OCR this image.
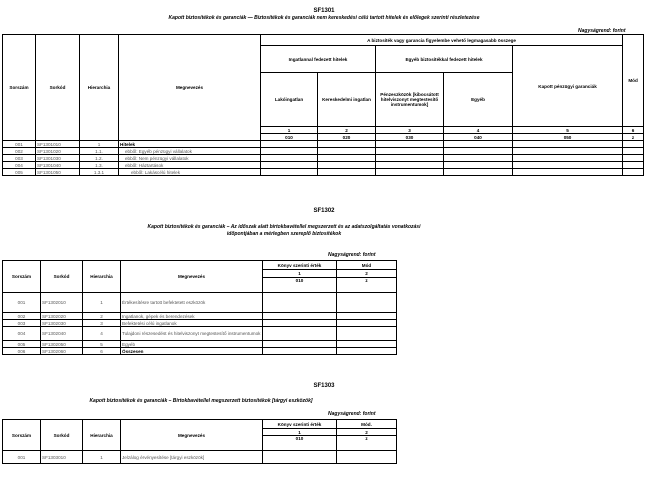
SF1301
Kapott biztosítékok és garanciák — Biztosítékok és garanciák nem kereskedési célú tartott hitelek és előlegek szerinti részletezése
Nagyságrend: forint
Sorszám	Sorkód	Hierarchia	Megnevezés	A biztosíték vagy garancia figyelembe vehető legmagasabb összege					Mód
				Ingatlannal fedezett hitelek		Egyéb biztosítékkal fedezett hitelek		Kapott pénzügyi garanciák	
				Lakóingatlan	Kereskedelmi ingatlan	Pénzeszközök [kibocsátott hitelviszonyt megtestesítő instrumentumok]	Egyéb		
				1	2	3	4	5	6
				010	020	030	040	050	z
001	SF1301010	1	Hitelek						
002	SF1301020	1.1.	ebből: Egyéb pénzügyi vállalatok						
003	SF1301030	1.2.	ebből: Nem pénzügyi vállalatok						
004	SF1301040	1.3.	ebből: Háztartások						
005	SF1301050	1.3.1	ebből: Lakáscélú hitelek						
SF1302
Kapott biztosítékok és garanciák – Az időszak alatt birtokbavétellel megszerzett és az adatszolgáltatás vonatkozási
időpontjában a mérlegben szereplő biztosítékok
Nagyságrend: forint
Sorszám	Sorkód	Hierarchia	Megnevezés	Könyv szerinti érték	Mód
				1	2
				010	z
001	SF1302010	1	Értékesítésre tartott befektetett eszközök		
002	SF1302020	2	Ingatlanok, gépek és berendezések		
003	SF1302030	3	Befektetési célú ingatlanok		
004	SF1302040	4	Tulajdoni részesedést és hitelviszonyt megtestesítő instrumentumok		
005	SF1302050	5	Egyéb		
006	SF1302060	6	Összesen		
SF1303
Kapott biztosítékok és garanciák – Birtokbavétellel megszerzett biztosítékok [tárgyi eszközök]
Nagyságrend: forint
Sorszám	Sorkód	Hierarchia	Megnevezés	Könyv szerinti érték	Mód.
				1	2
				010	z
001	SF1303010	1	Jelzálog érvényesítése [tárgyi eszközök]		
